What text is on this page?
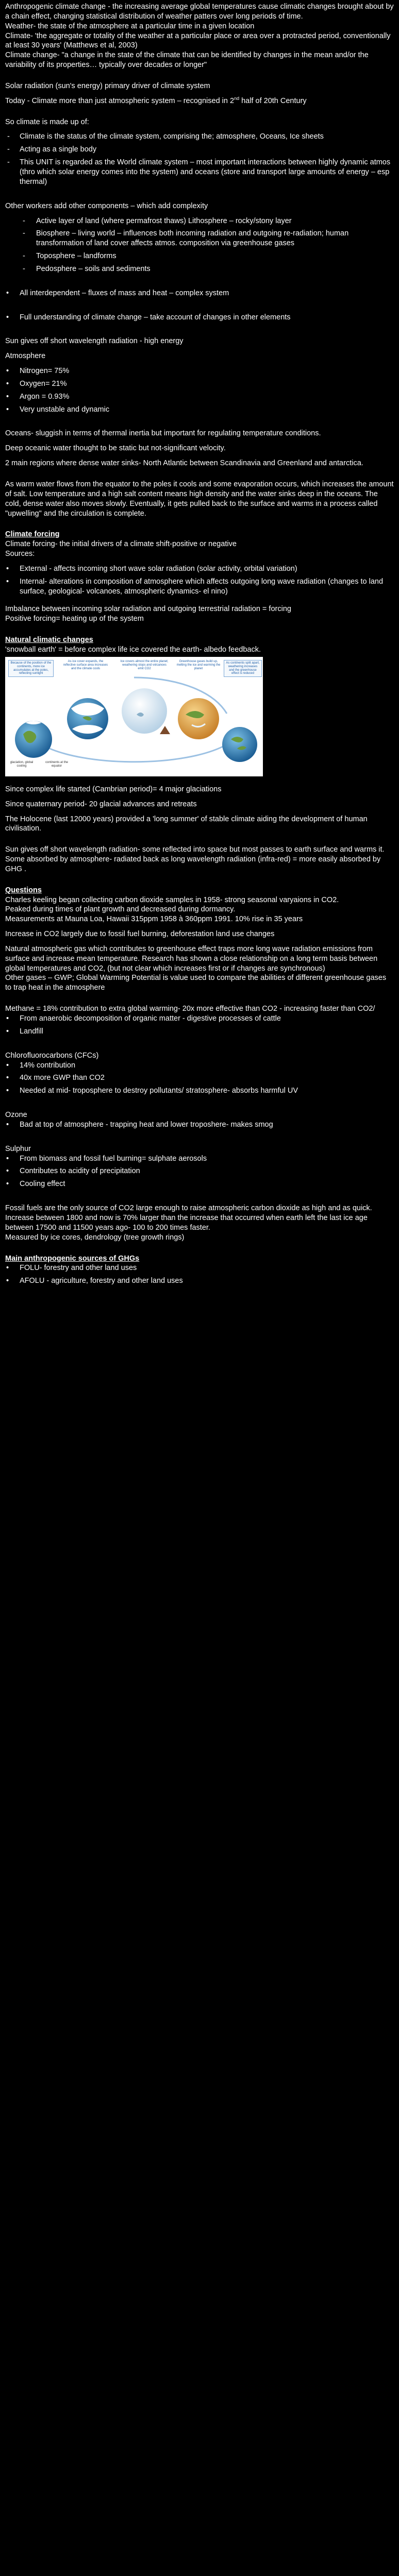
Anthropogenic climate change - the increasing average global temperatures cause climatic changes brought about by a chain effect, changing statistical distribution of weather patters over long periods of time.

Weather- the state of the atmosphere at a particular time in a given location

Climate- 'the aggregate or totality of the weather at a particular place or area over a protracted period, conventionally at least 30 years' (Matthews et al, 2003)

Climate change- "a change in the state of the climate that can be identified by changes in the mean and/or the variability of its properties… typically over decades or longer"

Solar radiation (sun's energy) primary driver of climate system

Today - Climate more than just atmospheric system – recognised in 2nd half of 20th Century

So climate is made up of:

- Climate is the status of the climate system, comprising the; atmosphere, Oceans, Ice sheets
- Acting as a single body
- This UNIT is regarded as the World climate system – most important interactions between highly dynamic atmos (thro which solar energy comes into the system) and oceans (store and transport large amounts of energy – esp thermal)

Other workers add other components – which add complexity

- Active layer of land (where permafrost thaws) Lithosphere – rocky/stony layer
- Biosphere – living world – influences both incoming radiation and outgoing re-radiation; human transformation of land cover affects atmos. composition via greenhouse gases
- Toposphere – landforms
- Pedosphere – soils and sediments
• All interdependent – fluxes of mass and heat – complex system
• Full understanding of climate change – take account of changes in other elements

Sun gives off short wavelength radiation - high energy

Atmosphere

• Nitrogen= 75%
• Oxygen= 21%
• Argon = 0.93%
• Very unstable and dynamic

Oceans- sluggish in terms of thermal inertia but important for regulating temperature conditions.

Deep oceanic water thought to be static but not-significant velocity.

2 main regions where dense water sinks- North Atlantic between Scandinavia and Greenland and antarctica.

As warm water flows from the equator to the poles it cools and some evaporation occurs, which increases the amount of salt. Low temperature and a high salt content means high density and the water sinks deep in the oceans. The cold, dense water also moves slowly. Eventually, it gets pulled back to the surface and warms in a process called "upwelling" and the circulation is complete.

Climate forcing

Climate forcing- the initial drivers of a climate shift-positive or negative

Sources:

• External - affects incoming short wave solar radiation (solar activity, orbital variation)
• Internal- alterations in composition of atmosphere which affects outgoing long wave radiation (changes to land surface, geological- volcanoes, atmospheric dynamics- el nino)

Imbalance between incoming solar radiation and outgoing terrestrial radiation = forcing

Positive forcing= heating up of the system

Natural climatic changes

'snowball earth' = before complex life ice covered the earth- albedo feedback.

Because of the position of the continents, more ice accumulates at the poles, reflecting sunlight
As ice cover expands, the reflective surface area increases and the climate cools
Ice covers almost the entire planet; weathering stops and volcanoes emit CO2
Greenhouse gases build up, melting the ice and warming the planet
As continents split apart, weathering increases and the greenhouse effect is reduced
glaciation, global cooling
continents at the equator

Since complex life started (Cambrian period)= 4 major glaciations

Since quaternary period- 20 glacial advances and retreats

The Holocene (last 12000 years) provided a 'long summer' of stable climate aiding the development of human civilisation.

Sun gives off short wavelength radiation- some reflected into space but most passes to earth surface and warms it. Some absorbed by atmosphere- radiated back as long wavelength radiation (infra-red) = more easily absorbed by GHG .

Questions

Charles keeling began collecting carbon dioxide samples in 1958- strong seasonal varyaions in CO2.

Peaked during times of plant growth and decreased during dormancy.

Measurements at Mauna Loa, Hawaii 315ppm 1958 à 360ppm 1991. 10% rise in 35 years

Increase in CO2 largely due to fossil fuel burning, deforestation land use changes

Natural atmospheric gas which contributes to greenhouse effect traps more long wave radiation emissions from surface and increase mean temperature. Research has shown a close relationship on a long term basis between global temperatures and CO2, (but not clear which increases first or if changes are synchronous)

Other gases – GWP; Global Warming Potential is value used to compare the abilities of different greenhouse gases to trap heat in the atmosphere

Methane = 18% contribution to extra global warming- 20x more effective than CO2 - increasing faster than CO2/

• From anaerobic decomposition of organic matter - digestive processes of cattle
• Landfill

Chlorofluorocarbons (CFCs)

• 14% contribution
• 40x more GWP than CO2
• Needed at mid- troposphere to destroy pollutants/ stratosphere- absorbs harmful UV

Ozone

• Bad at top of atmosphere - trapping heat and lower troposhere- makes smog

Sulphur

• From biomass and fossil fuel burning= sulphate aerosols
• Contributes to acidity of precipitation
• Cooling effect

Fossil fuels are the only source of CO2 large enough to raise atmospheric carbon dioxide as high and as quick. Increase between 1800 and now is 70% larger than the increase that occurred when earth left the last ice age between 17500 and 11500 years ago- 100 to 200 times faster.

Measured by ice cores, dendrology (tree growth rings)

Main anthropogenic sources of GHGs

• FOLU- forestry and other land uses
• AFOLU - agriculture, forestry and other land uses
